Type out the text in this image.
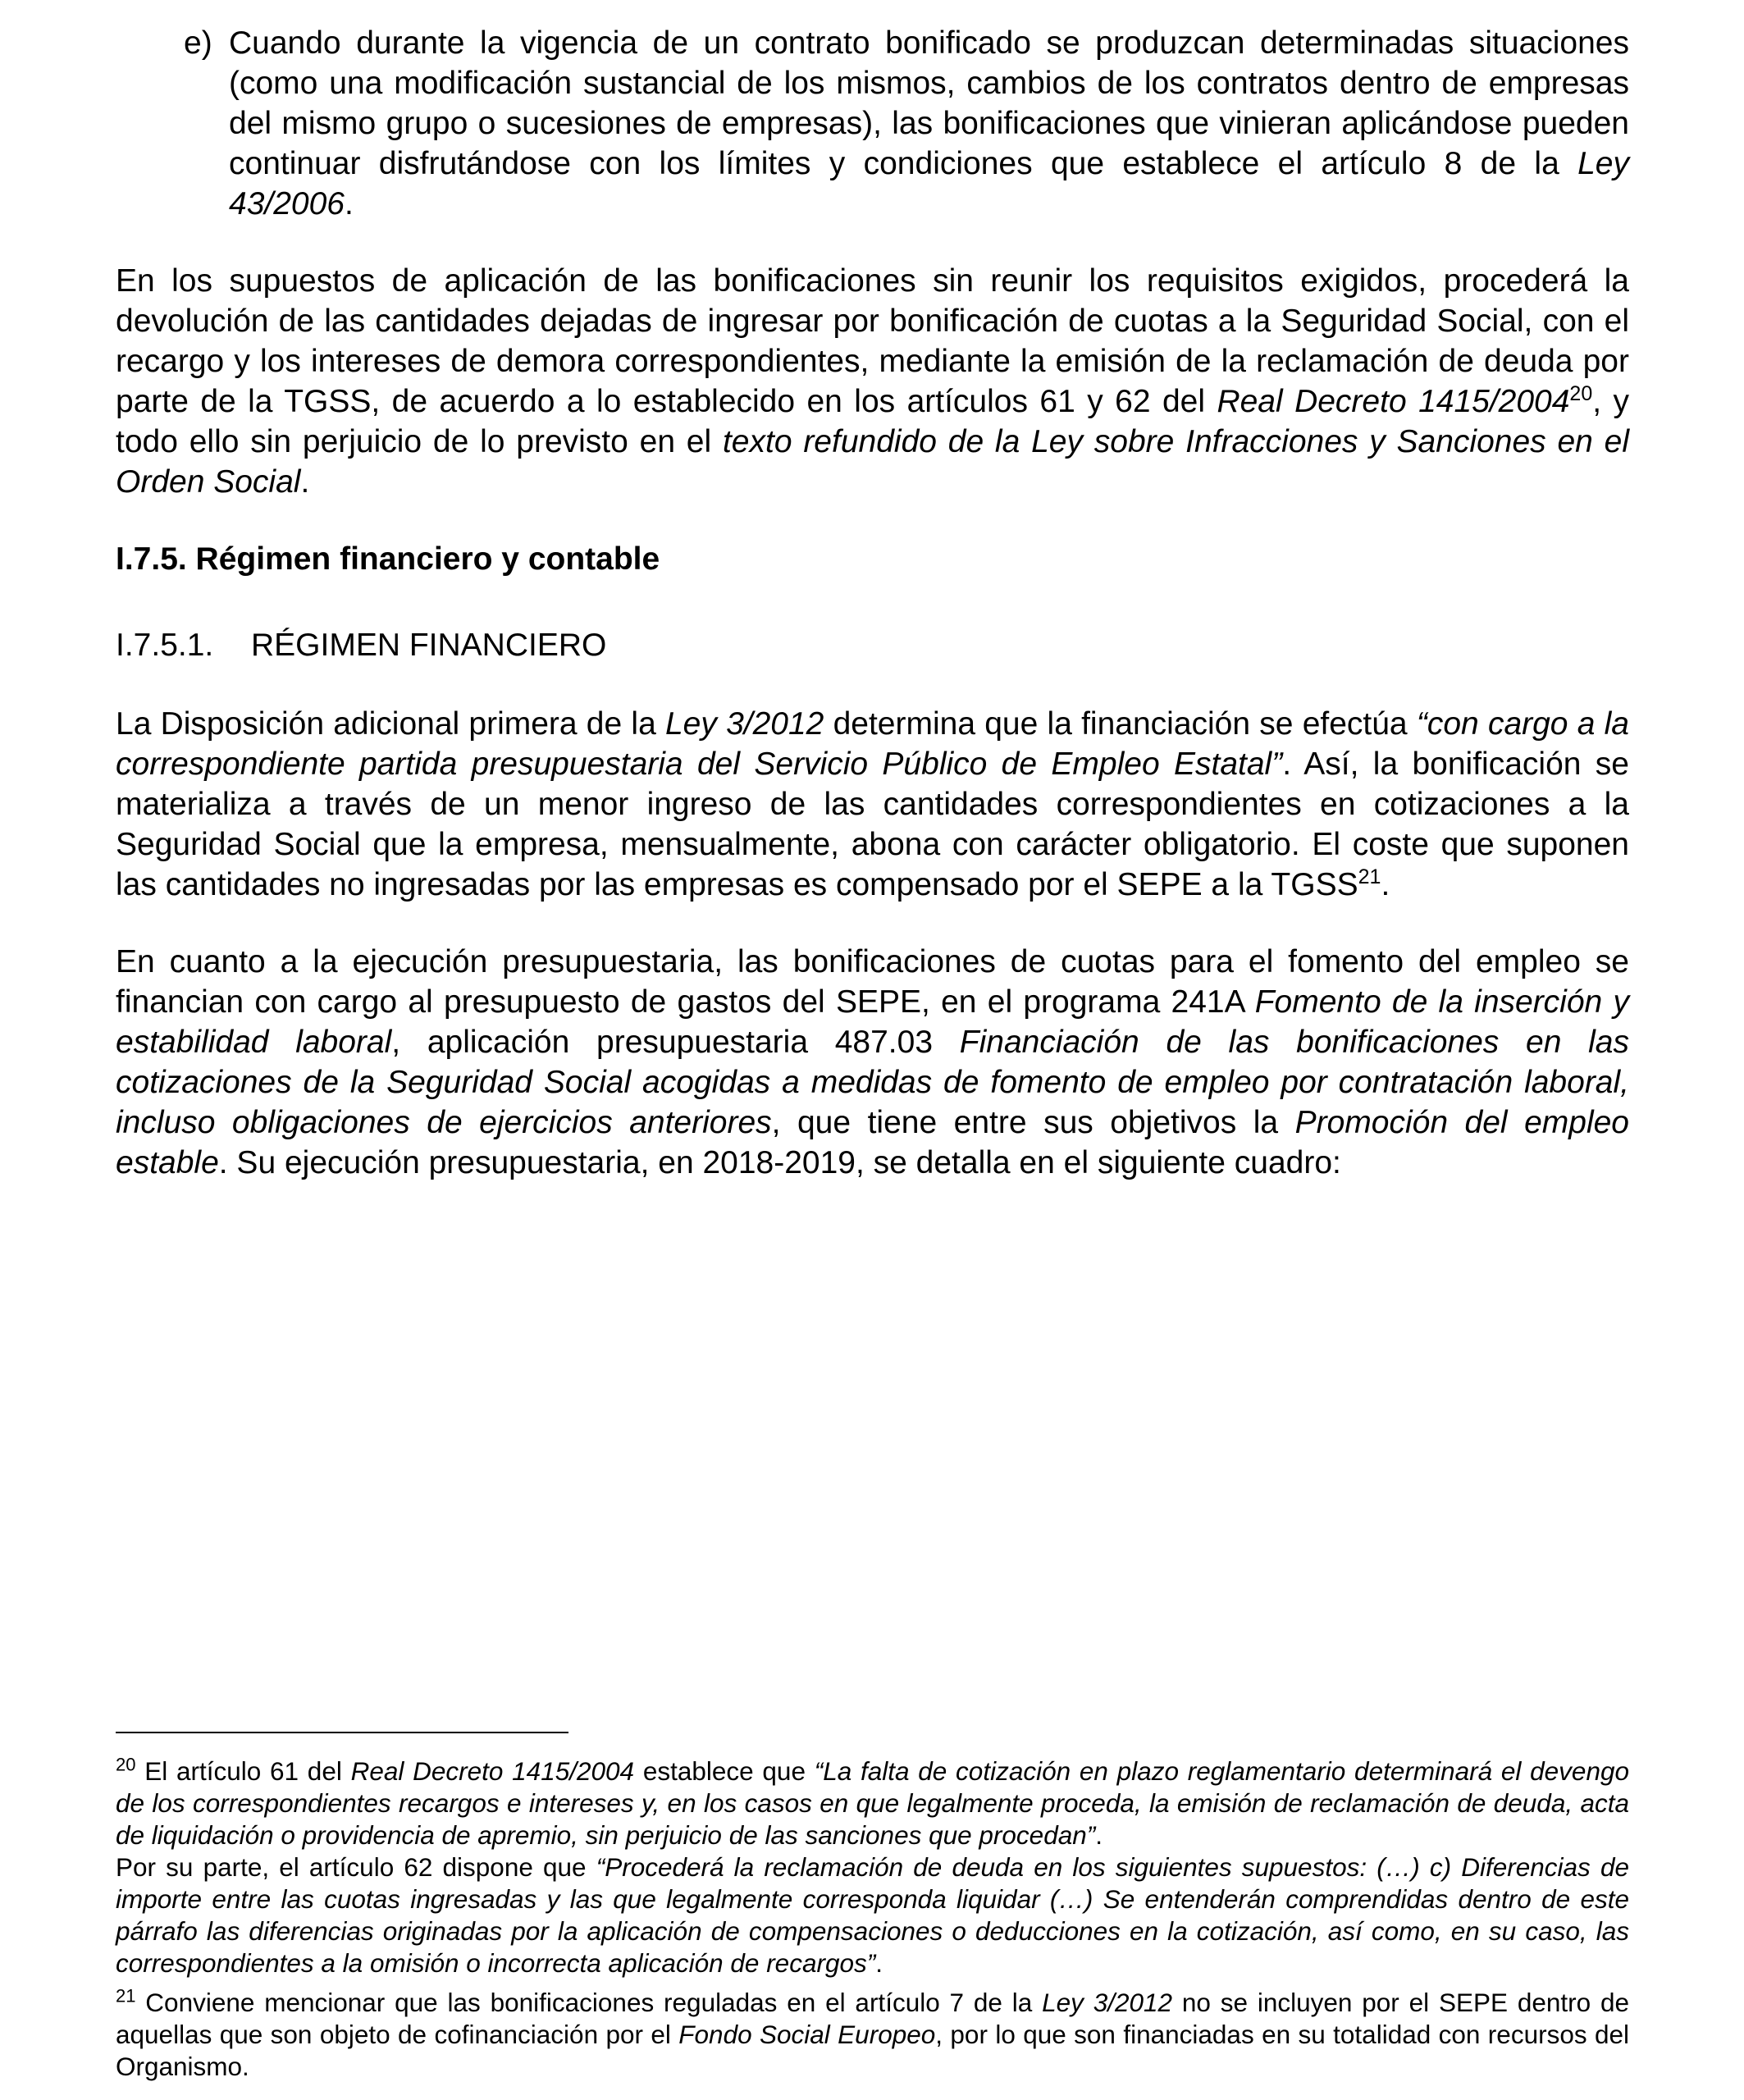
e) Cuando durante la vigencia de un contrato bonificado se produzcan determinadas situaciones (como una modificación sustancial de los mismos, cambios de los contratos dentro de empresas del mismo grupo o sucesiones de empresas), las bonificaciones que vinieran aplicándose pueden continuar disfrutándose con los límites y condiciones que establece el artículo 8 de la Ley 43/2006.

En los supuestos de aplicación de las bonificaciones sin reunir los requisitos exigidos, procederá la devolución de las cantidades dejadas de ingresar por bonificación de cuotas a la Seguridad Social, con el recargo y los intereses de demora correspondientes, mediante la emisión de la reclamación de deuda por parte de la TGSS, de acuerdo a lo establecido en los artículos 61 y 62 del Real Decreto 1415/2004$^{20}$, y todo ello sin perjuicio de lo previsto en el texto refundido de la Ley sobre Infracciones y Sanciones en el Orden Social.

I.7.5. Régimen financiero y contable

I.7.5.1. RÉGIMEN FINANCIERO

La Disposición adicional primera de la Ley 3/2012 determina que la financiación se efectúa “con cargo a la correspondiente partida presupuestaria del Servicio Público de Empleo Estatal”. Así, la bonificación se materializa a través de un menor ingreso de las cantidades correspondientes en cotizaciones a la Seguridad Social que la empresa, mensualmente, abona con carácter obligatorio. El coste que suponen las cantidades no ingresadas por las empresas es compensado por el SEPE a la TGSS$^{21}$.

En cuanto a la ejecución presupuestaria, las bonificaciones de cuotas para el fomento del empleo se financian con cargo al presupuesto de gastos del SEPE, en el programa 241A Fomento de la inserción y estabilidad laboral, aplicación presupuestaria 487.03 Financiación de las bonificaciones en las cotizaciones de la Seguridad Social acogidas a medidas de fomento de empleo por contratación laboral, incluso obligaciones de ejercicios anteriores, que tiene entre sus objetivos la Promoción del empleo estable. Su ejecución presupuestaria, en 2018-2019, se detalla en el siguiente cuadro:

$^{20}$ El artículo 61 del Real Decreto 1415/2004 establece que “La falta de cotización en plazo reglamentario determinará el devengo de los correspondientes recargos e intereses y, en los casos en que legalmente proceda, la emisión de reclamación de deuda, acta de liquidación o providencia de apremio, sin perjuicio de las sanciones que procedan”.

Por su parte, el artículo 62 dispone que “Procederá la reclamación de deuda en los siguientes supuestos: (…) c) Diferencias de importe entre las cuotas ingresadas y las que legalmente corresponda liquidar (…) Se entenderán comprendidas dentro de este párrafo las diferencias originadas por la aplicación de compensaciones o deducciones en la cotización, así como, en su caso, las correspondientes a la omisión o incorrecta aplicación de recargos”.

$^{21}$ Conviene mencionar que las bonificaciones reguladas en el artículo 7 de la Ley 3/2012 no se incluyen por el SEPE dentro de aquellas que son objeto de cofinanciación por el Fondo Social Europeo, por lo que son financiadas en su totalidad con recursos del Organismo.
